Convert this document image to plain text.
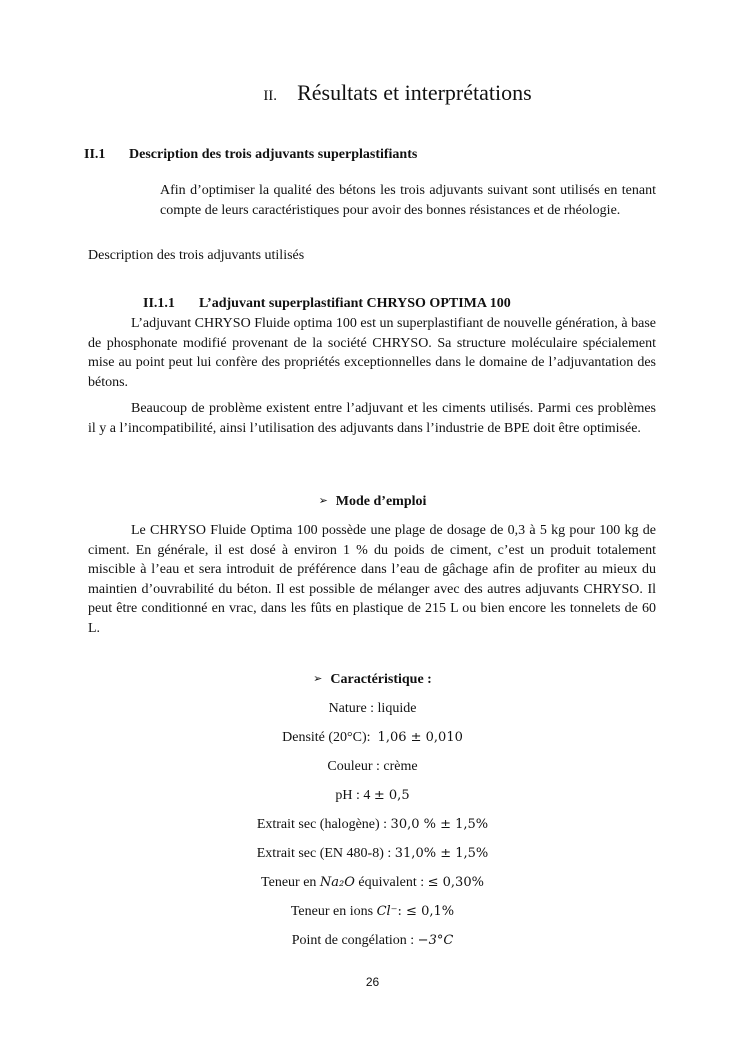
II. Résultats et interprétations
II.1 Description des trois adjuvants superplastifiants

Afin d’optimiser la qualité des bétons les trois adjuvants suivant sont utilisés en tenant compte de leurs caractéristiques pour avoir des bonnes résistances et de rhéologie.

Description des trois adjuvants utilisés
II.1.1 L’adjuvant superplastifiant CHRYSO OPTIMA 100

L’adjuvant CHRYSO Fluide optima 100 est un superplastifiant de nouvelle génération, à base de phosphonate modifié provenant de la société CHRYSO. Sa structure moléculaire spécialement mise au point peut lui confère des propriétés exceptionnelles dans le domaine de l’adjuvantation des bétons.

Beaucoup de problème existent entre l’adjuvant et les ciments utilisés. Parmi ces problèmes il y a l’incompatibilité, ainsi l’utilisation des adjuvants dans l’industrie de BPE doit être optimisée.

➢ Mode d’emploi

Le CHRYSO Fluide Optima 100 possède une plage de dosage de 0,3 à 5 kg pour 100 kg de ciment. En générale, il est dosé à environ 1 % du poids de ciment, c’est un produit totalement miscible à l’eau et sera introduit de préférence dans l’eau de gâchage afin de profiter au mieux du maintien d’ouvrabilité du béton. Il est possible de mélanger avec des autres adjuvants CHRYSO. Il peut être conditionné en vrac, dans les fûts en plastique de 215 L ou bien encore les tonnelets de 60 L.

➢ Caractéristique :
Nature : liquide
Densité (20°C): 1,06 ± 0,010
Couleur : crème
pH : 4 ± 0,5
Extrait sec (halogène) : 30,0 % ± 1,5%
Extrait sec (EN 480-8) : 31,0% ± 1,5%
Teneur en Na₂O équivalent : ≤ 0,30%
Teneur en ions Cl⁻: ≤ 0,1%
Point de congélation : −3°C
26
